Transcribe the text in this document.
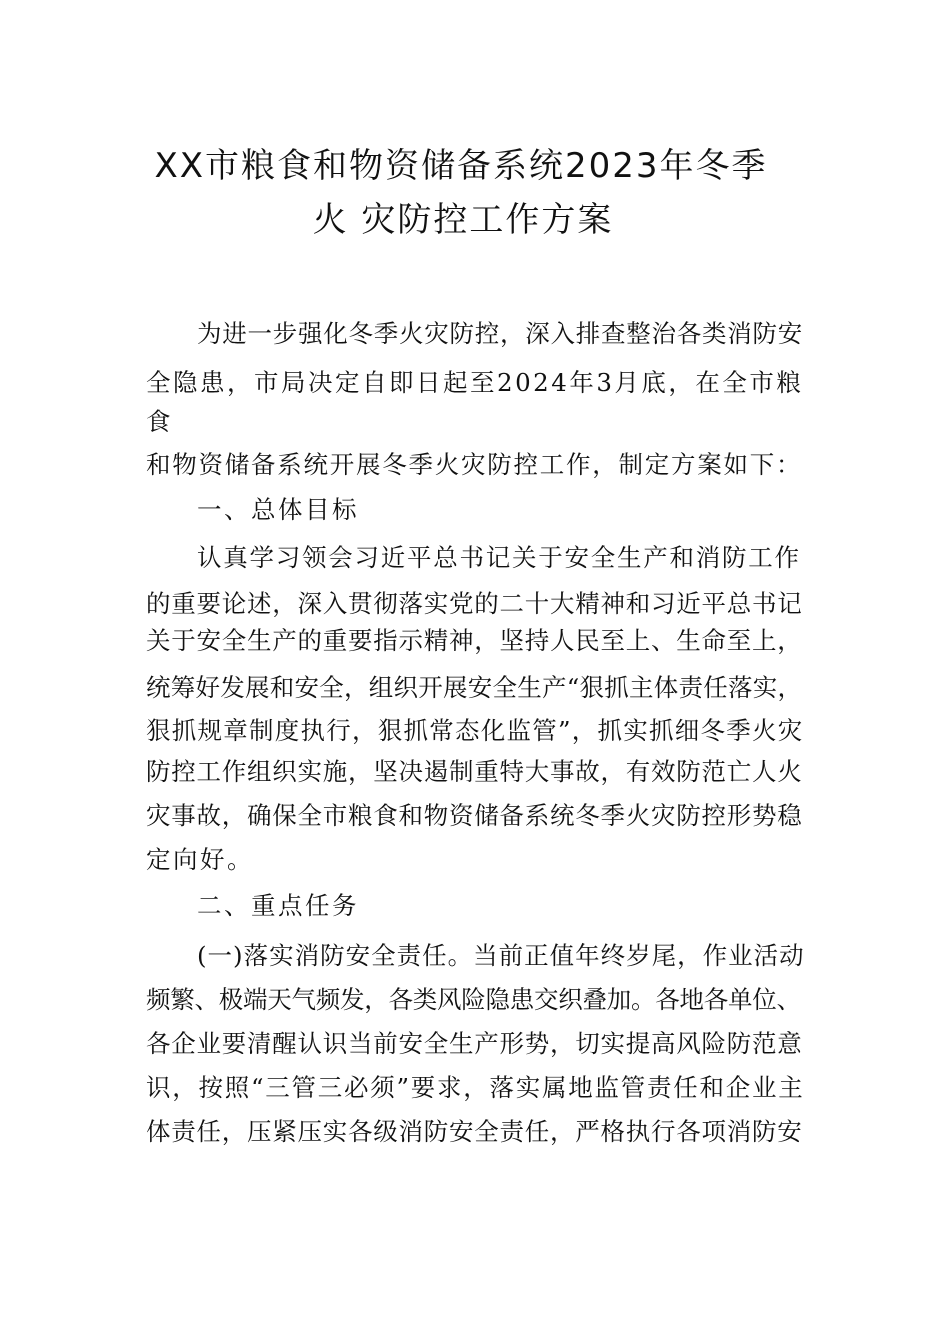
XX市粮食和物资储备系统2023年冬季
火 灾防控工作方案
为进一步强化冬季火灾防控，深入排查整治各类消防安
全隐患，市局决定自即日起至2024年3月底，在全市粮
食
和物资储备系统开展冬季火灾防控工作，制定方案如下：
一、总体目标
认真学习领会习近平总书记关于安全生产和消防工作
的重要论述，深入贯彻落实党的二十大精神和习近平总书记
关于安全生产的重要指示精神，坚持人民至上、生命至上，
统筹好发展和安全，组织开展安全生产“狠抓主体责任落实，
狠抓规章制度执行，狠抓常态化监管”，抓实抓细冬季火灾
防控工作组织实施，坚决遏制重特大事故，有效防范亡人火
灾事故，确保全市粮食和物资储备系统冬季火灾防控形势稳
定向好。
二、重点任务
(一)落实消防安全责任。当前正值年终岁尾，作业活动
频繁、极端天气频发，各类风险隐患交织叠加。各地各单位、
各企业要清醒认识当前安全生产形势，切实提高风险防范意
识，按照“三管三必须”要求，落实属地监管责任和企业主
体责任，压紧压实各级消防安全责任，严格执行各项消防安
